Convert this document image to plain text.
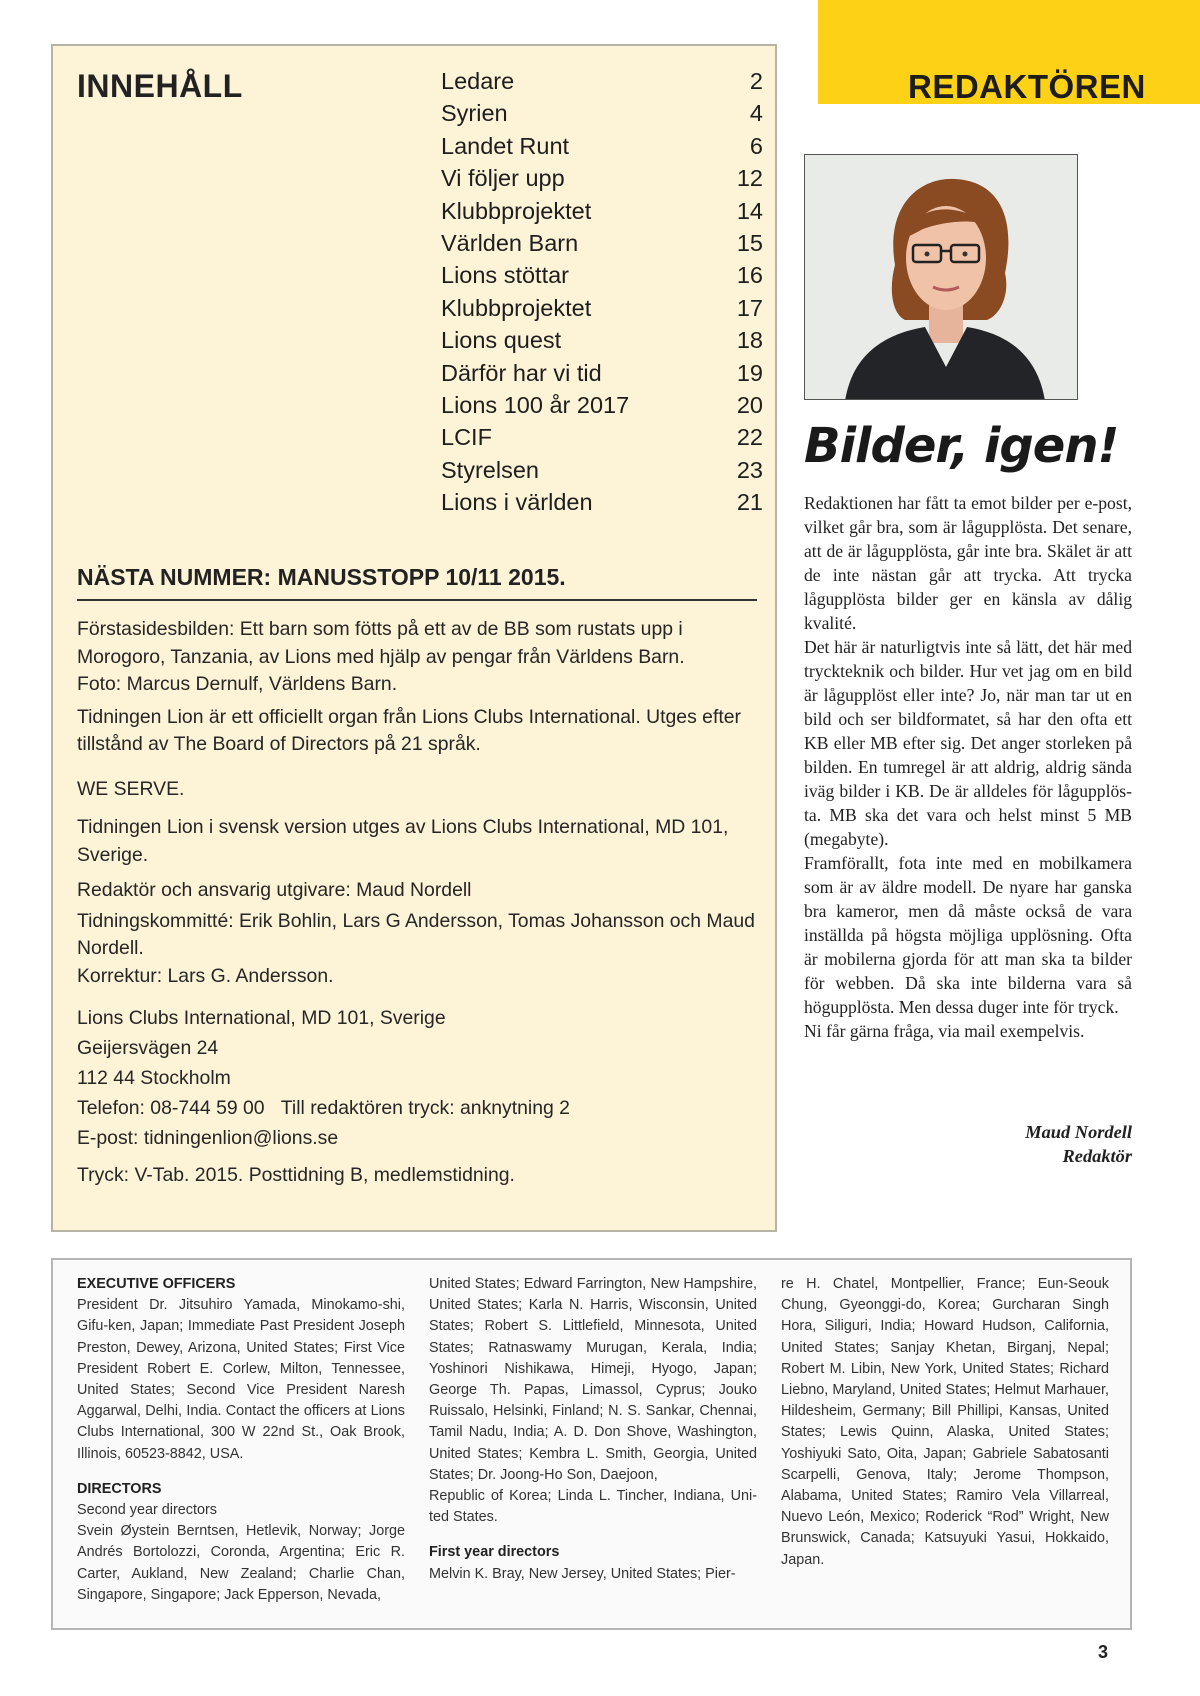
INNEHÅLL	Ledare	2
Syrien	4
Landet Runt	6
Vi följer upp	12
Klubbprojektet	14
Världen Barn	15
Lions stöttar	16
Klubbprojektet	17
Lions quest	18
Därför har vi tid	19
Lions 100 år 2017	20
LCIF	22
Styrelsen	23
Lions i världen	21
NÄSTA NUMMER: MANUSSTOPP 10/11 2015.

Förstasidesbilden: Ett barn som fötts på ett av de BB som rustats upp i Morogoro, Tanzania, av Lions med hjälp av pengar från Världens Barn.

Foto: Marcus Dernulf, Världens Barn.

Tidningen Lion är ett officiellt organ från Lions Clubs International. Utges efter tillstånd av The Board of Directors på 21 språk.

WE SERVE.

Tidningen Lion i svensk version utges av Lions Clubs International, MD 101, Sverige.

Redaktör och ansvarig utgivare: Maud Nordell

Tidningskommitté: Erik Bohlin, Lars G Andersson, Tomas Johansson och Maud Nordell.

Korrektur: Lars G. Andersson.

Lions Clubs International, MD 101, Sverige

Geijersvägen 24

112 44 Stockholm

Telefon: 08-744 59 00 Till redaktören tryck: anknytning 2

E-post: tidningenlion@lions.se

Tryck: V-Tab. 2015. Posttidning B, medlemstidning.

REDAKTÖREN
Bilder, igen!

Redaktionen har fått ta emot bilder per e-post, vilket går bra, som är lågupplösta. Det senare, att de är lågupplösta, går inte bra. Skälet är att de inte nästan går att trycka. Att trycka lågupplösta bilder ger en känsla av dålig kvalité.

Det här är naturligtvis inte så lätt, det här med tryckteknik och bilder. Hur vet jag om en bild är lågupplöst eller inte? Jo, när man tar ut en bild och ser bildformatet, så har den ofta ett KB eller MB efter sig. Det anger storleken på bilden. En tumregel är att aldrig, aldrig sända iväg bilder i KB. De är alldeles för lågupplösta. MB ska det vara och helst minst 5 MB (megabyte).

Framförallt, fota inte med en mobilkamera som är av äldre modell. De nyare har ganska bra kameror, men då måste också de vara inställda på högsta möjliga upplösning. Ofta är mobilerna gjorda för att man ska ta bilder för webben. Då ska inte bilderna vara så högupplösta. Men dessa duger inte för tryck.

Ni får gärna fråga, via mail exempelvis.

Maud Nordell
Redaktör

EXECUTIVE OFFICERS

President Dr. Jitsuhiro Yamada, Minokamo-shi, Gifu-ken, Japan; Immediate Past President Joseph Preston, Dewey, Arizona, United States; First Vice President Robert E. Corlew, Milton, Tennessee, United States; Second Vice President Naresh Aggarwal, Delhi, India. Contact the officers at Lions Clubs International, 300 W 22nd St., Oak Brook, Illinois, 60523-8842, USA.

DIRECTORS

Second year directors

Svein Øystein Berntsen, Hetlevik, Norway; Jorge Andrés Bortolozzi, Coronda, Argentina; Eric R. Carter, Aukland, New Zealand; Charlie Chan, Singapore, Singapore; Jack Epperson, Nevada,

United States; Edward Farrington, New Hampshire, United States; Karla N. Harris, Wisconsin, United States; Robert S. Littlefield, Minnesota, United States; Ratnaswamy Murugan, Kerala, India; Yoshinori Nishikawa, Himeji, Hyogo, Japan; George Th. Papas, Limassol, Cyprus; Jouko Ruissalo, Helsinki, Finland; N. S. Sankar, Chennai, Tamil Nadu, India; A. D. Don Shove, Washington, United States; Kembra L. Smith, Georgia, United States; Dr. Joong-Ho Son, Daejoon,

Republic of Korea; Linda L. Tincher, Indiana, United States.

First year directors

Melvin K. Bray, New Jersey, United States; Pier-

re H. Chatel, Montpellier, France; Eun-Seouk Chung, Gyeonggi-do, Korea; Gurcharan Singh Hora, Siliguri, India; Howard Hudson, California, United States; Sanjay Khetan, Birganj, Nepal; Robert M. Libin, New York, United States; Richard Liebno, Maryland, United States; Helmut Marhauer, Hildesheim, Germany; Bill Phillipi, Kansas, United States; Lewis Quinn, Alaska, United States; Yoshiyuki Sato, Oita, Japan; Gabriele Sabatosanti Scarpelli, Genova, Italy; Jerome Thompson, Alabama, United States; Ramiro Vela Villarreal, Nuevo León, Mexico; Roderick “Rod” Wright, New Brunswick, Canada; Katsuyuki Yasui, Hokkaido, Japan.

3
